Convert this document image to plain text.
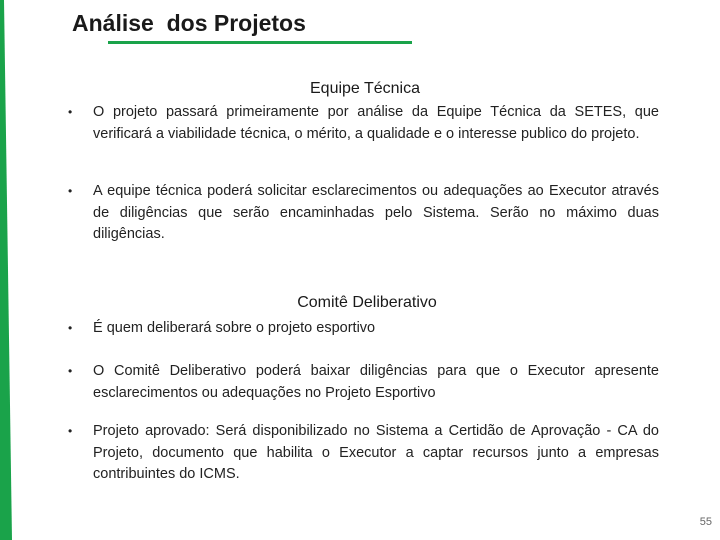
Análise  dos Projetos
Equipe Técnica
• O projeto passará primeiramente por análise da Equipe Técnica da SETES, que verificará a viabilidade técnica, o mérito, a qualidade e o interesse publico do projeto.
• A equipe técnica poderá solicitar esclarecimentos ou adequações ao Executor através de diligências que serão encaminhadas pelo Sistema. Serão no máximo duas diligências.
Comitê Deliberativo
• É quem deliberará sobre o projeto esportivo
• O Comitê Deliberativo poderá baixar diligências para que o Executor apresente esclarecimentos ou adequações no Projeto Esportivo
• Projeto aprovado: Será disponibilizado no Sistema a Certidão de Aprovação - CA do Projeto, documento que habilita o Executor a captar recursos junto a empresas contribuintes do ICMS.
55
